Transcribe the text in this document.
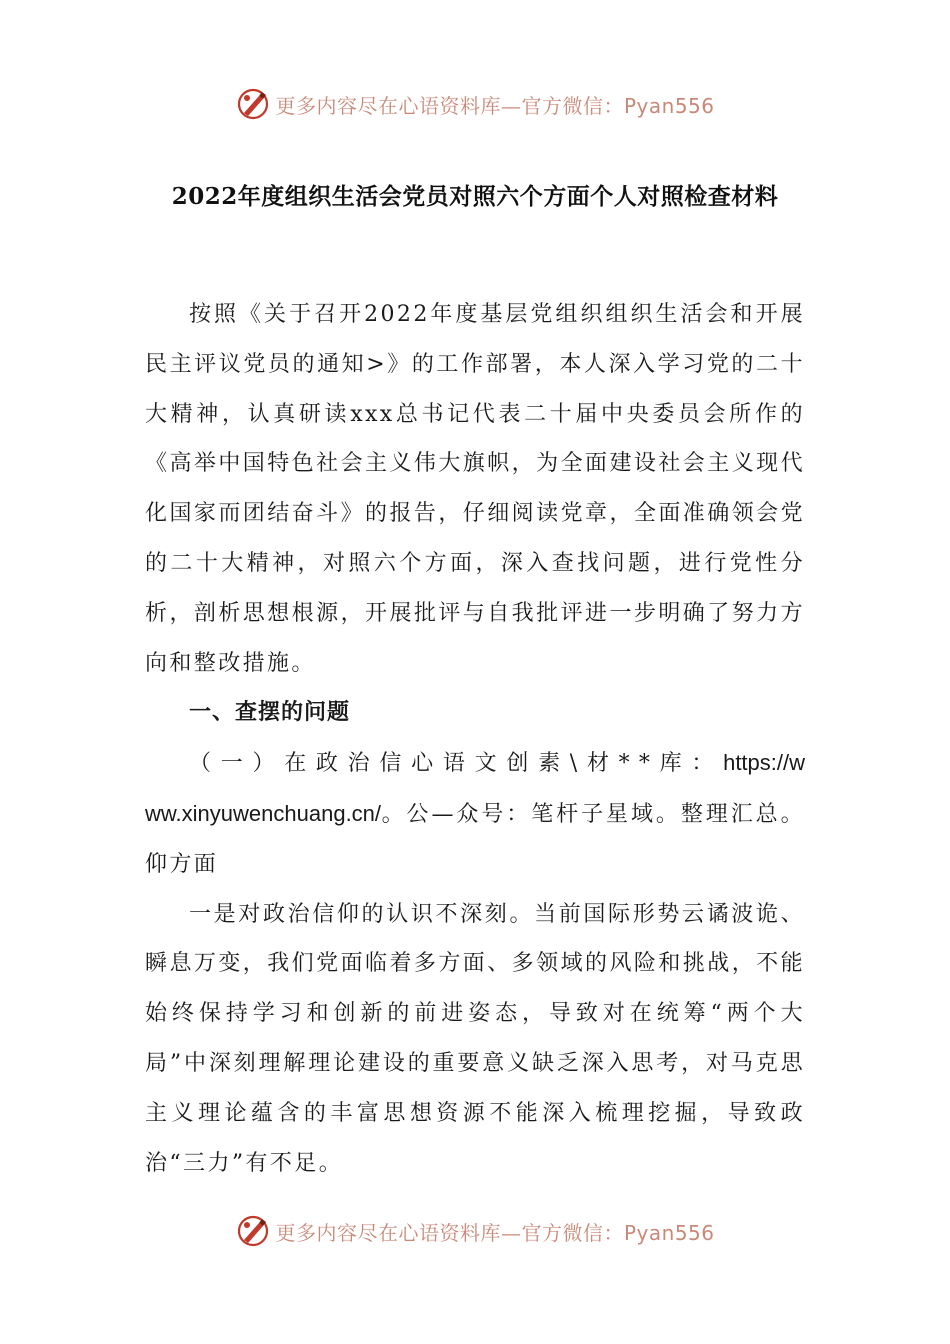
更多内容尽在心语资料库—官方微信：Pyan556
2022年度组织生活会党员对照六个方面个人对照检查材料

按照《关于召开2022年度基层党组织组织生活会和开展民主评议党员的通知>》的工作部署，本人深入学习党的二十大精神，认真研读xxx总书记代表二十届中央委员会所作的《高举中国特色社会主义伟大旗帜，为全面建设社会主义现代化国家而团结奋斗》的报告，仔细阅读党章，全面准确领会党的二十大精神，对照六个方面，深入查找问题，进行党性分析，剖析思想根源，开展批评与自我批评进一步明确了努力方向和整改措施。

一、查摆的问题

（一）在政治信心语文创素\材**库：https://www.xinyuwenchuang.cn/。公—众号：笔杆子星域。整理汇总。仰方面

一是对政治信仰的认识不深刻。当前国际形势云谲波诡、瞬息万变，我们党面临着多方面、多领域的风险和挑战，不能始终保持学习和创新的前进姿态，导致对在统筹“两个大局”中深刻理解理论建设的重要意义缺乏深入思考，对马克思主义理论蕴含的丰富思想资源不能深入梳理挖掘，导致政治“三力”有不足。

更多内容尽在心语资料库—官方微信：Pyan556
